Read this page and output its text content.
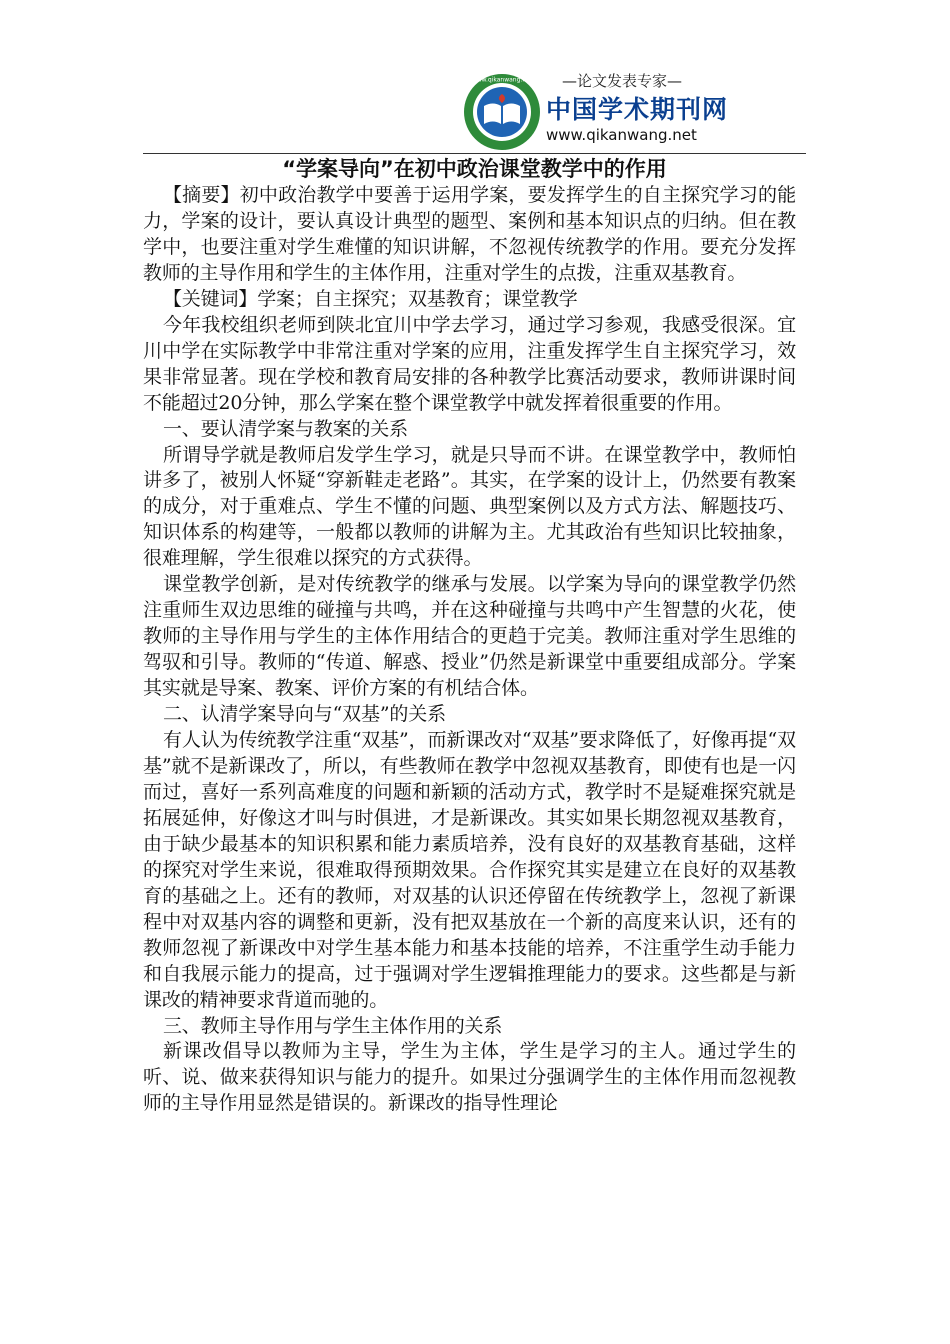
www.qikanwang.net	—论文发表专家—
中国学术期刊网
www.qikanwang.net
“学案导向”在初中政治课堂教学中的作用

【摘要】初中政治教学中要善于运用学案，要发挥学生的自主探究学习的能力，学案的设计，要认真设计典型的题型、案例和基本知识点的归纳。但在教学中，也要注重对学生难懂的知识讲解，不忽视传统教学的作用。要充分发挥教师的主导作用和学生的主体作用，注重对学生的点拨，注重双基教育。

【关键词】学案；自主探究；双基教育；课堂教学

今年我校组织老师到陕北宜川中学去学习，通过学习参观，我感受很深。宜川中学在实际教学中非常注重对学案的应用，注重发挥学生自主探究学习，效果非常显著。现在学校和教育局安排的各种教学比赛活动要求，教师讲课时间不能超过20分钟，那么学案在整个课堂教学中就发挥着很重要的作用。

一、要认清学案与教案的关系

所谓导学就是教师启发学生学习，就是只导而不讲。在课堂教学中，教师怕讲多了，被别人怀疑“穿新鞋走老路”。其实，在学案的设计上，仍然要有教案的成分，对于重难点、学生不懂的问题、典型案例以及方式方法、解题技巧、知识体系的构建等，一般都以教师的讲解为主。尤其政治有些知识比较抽象，很难理解，学生很难以探究的方式获得。

课堂教学创新，是对传统教学的继承与发展。以学案为导向的课堂教学仍然注重师生双边思维的碰撞与共鸣，并在这种碰撞与共鸣中产生智慧的火花，使教师的主导作用与学生的主体作用结合的更趋于完美。教师注重对学生思维的驾驭和引导。教师的“传道、解惑、授业”仍然是新课堂中重要组成部分。学案其实就是导案、教案、评价方案的有机结合体。

二、认清学案导向与“双基”的关系

有人认为传统教学注重“双基”，而新课改对“双基”要求降低了，好像再提“双基”就不是新课改了，所以，有些教师在教学中忽视双基教育，即使有也是一闪而过，喜好一系列高难度的问题和新颖的活动方式，教学时不是疑难探究就是拓展延伸，好像这才叫与时俱进，才是新课改。其实如果长期忽视双基教育，由于缺少最基本的知识积累和能力素质培养，没有良好的双基教育基础，这样的探究对学生来说，很难取得预期效果。合作探究其实是建立在良好的双基教育的基础之上。还有的教师，对双基的认识还停留在传统教学上，忽视了新课程中对双基内容的调整和更新，没有把双基放在一个新的高度来认识，还有的教师忽视了新课改中对学生基本能力和基本技能的培养，不注重学生动手能力和自我展示能力的提高，过于强调对学生逻辑推理能力的要求。这些都是与新课改的精神要求背道而驰的。

三、教师主导作用与学生主体作用的关系

新课改倡导以教师为主导，学生为主体，学生是学习的主人。通过学生的听、说、做来获得知识与能力的提升。如果过分强调学生的主体作用而忽视教师的主导作用显然是错误的。新课改的指导性理论
